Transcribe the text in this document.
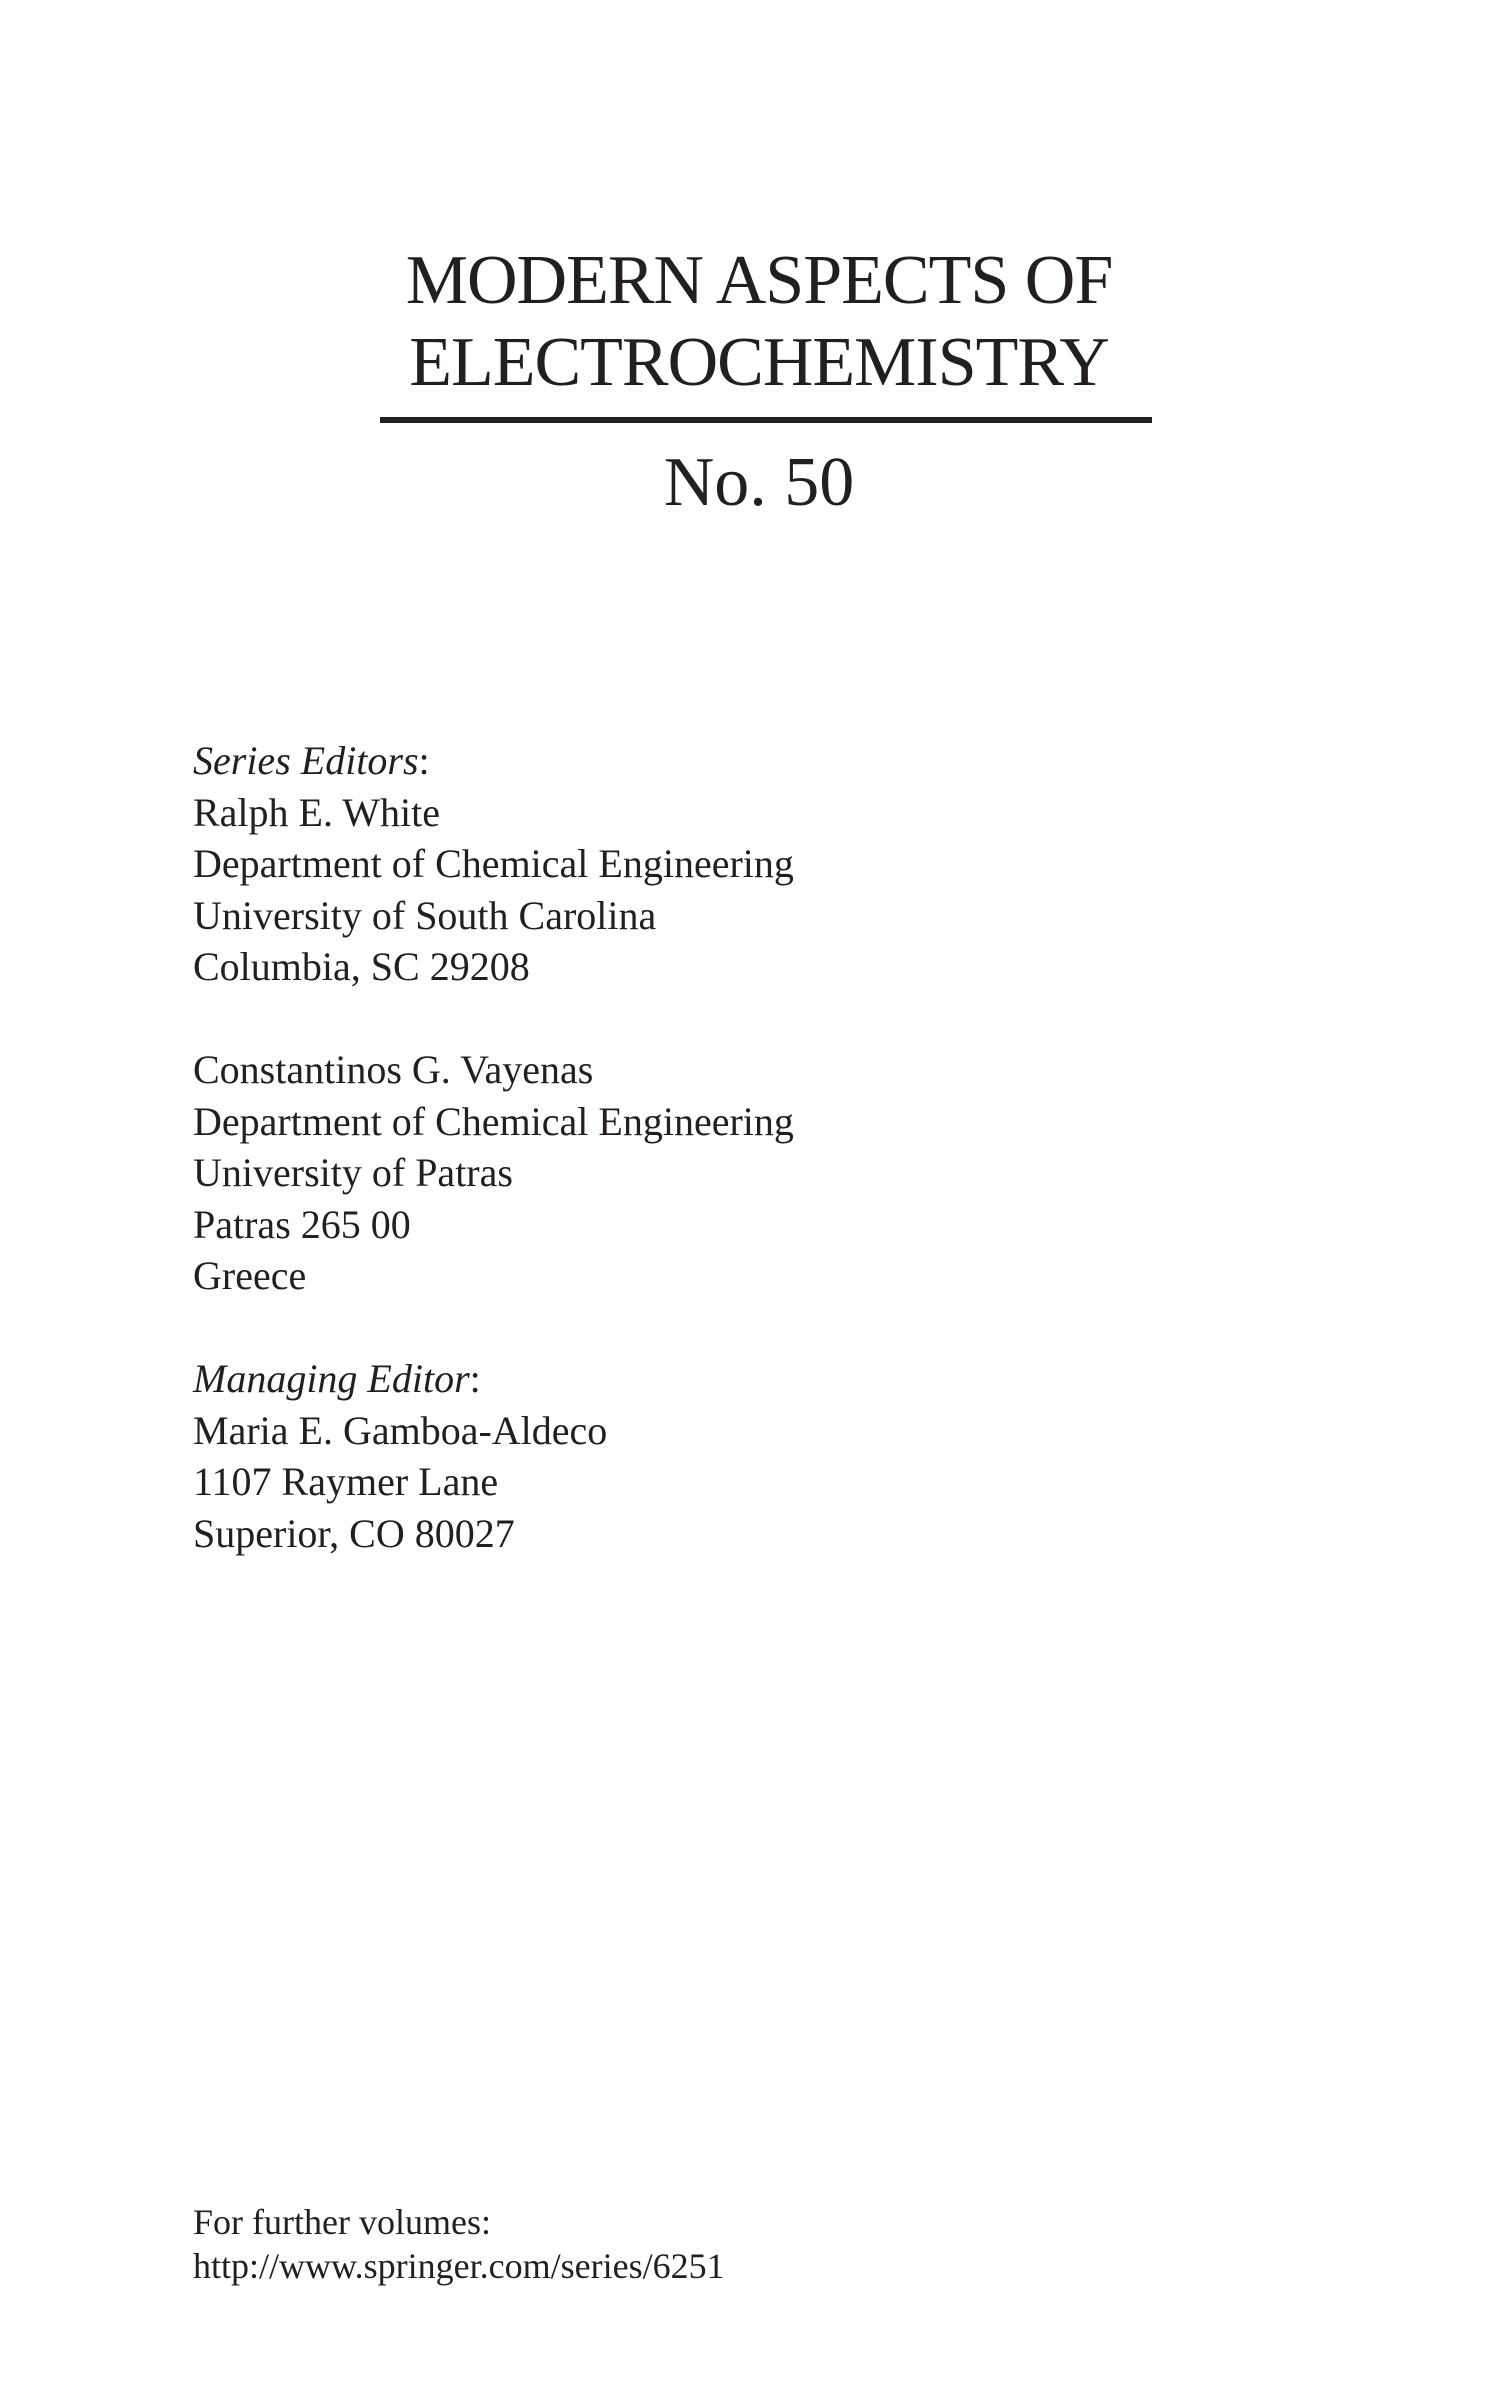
MODERN ASPECTS OF
ELECTROCHEMISTRY
No. 50
Series Editors:
Ralph E. White
Department of Chemical Engineering
University of South Carolina
Columbia, SC 29208
Constantinos G. Vayenas
Department of Chemical Engineering
University of Patras
Patras 265 00
Greece
Managing Editor:
Maria E. Gamboa-Aldeco
1107 Raymer Lane
Superior, CO 80027
For further volumes:
http://www.springer.com/series/6251
